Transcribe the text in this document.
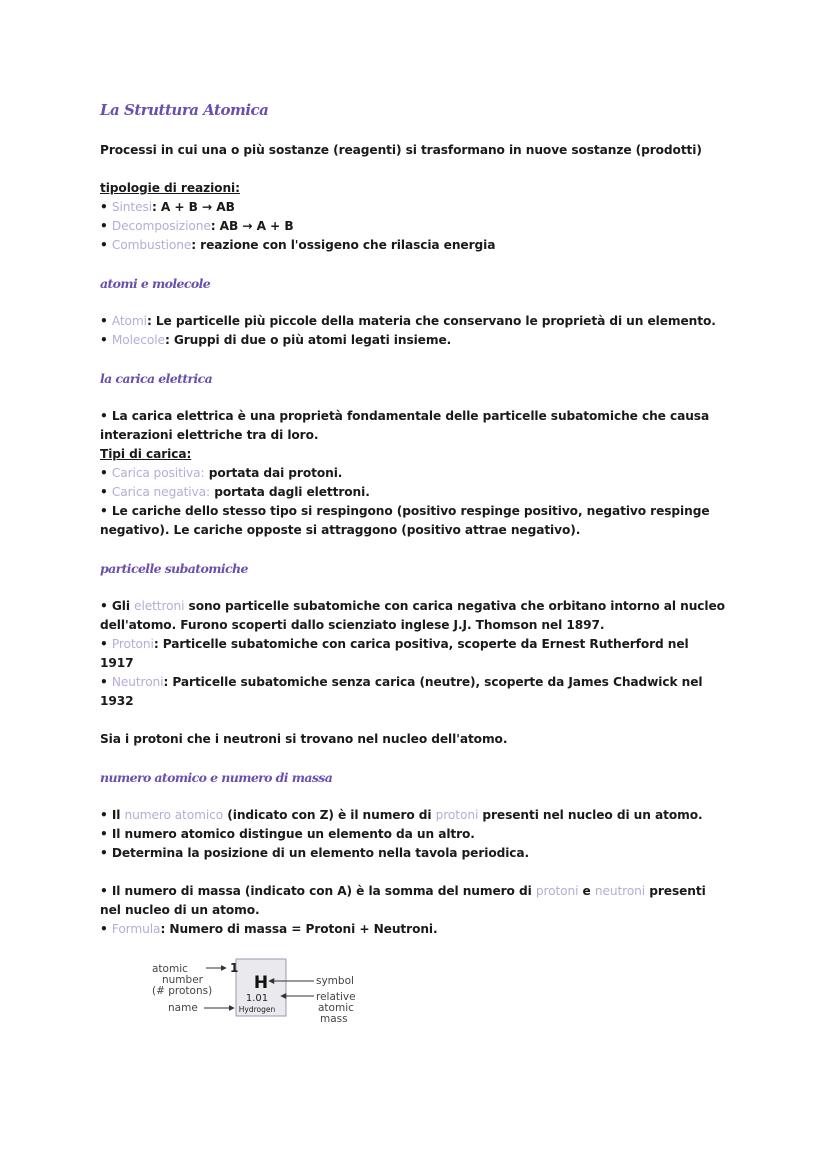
La Struttura Atomica

Processi in cui una o più sostanze (reagenti) si trasformano in nuove sostanze (prodotti)

tipologie di reazioni:

• Sintesi: A + B → AB

• Decomposizione: AB → A + B

• Combustione: reazione con l'ossigeno che rilascia energia

atomi e molecole

• Atomi: Le particelle più piccole della materia che conservano le proprietà di un elemento.

• Molecole: Gruppi di due o più atomi legati insieme.

la carica elettrica

• La carica elettrica è una proprietà fondamentale delle particelle subatomiche che causa interazioni elettriche tra di loro.

Tipi di carica:

• Carica positiva: portata dai protoni.

• Carica negativa: portata dagli elettroni.

• Le cariche dello stesso tipo si respingono (positivo respinge positivo, negativo respinge negativo). Le cariche opposte si attraggono (positivo attrae negativo).

particelle subatomiche

• Gli elettroni sono particelle subatomiche con carica negativa che orbitano intorno al nucleo dell'atomo. Furono scoperti dallo scienziato inglese J.J. Thomson nel 1897.

• Protoni: Particelle subatomiche con carica positiva, scoperte da Ernest Rutherford nel 1917

• Neutroni: Particelle subatomiche senza carica (neutre), scoperte da James Chadwick nel 1932

Sia i protoni che i neutroni si trovano nel nucleo dell'atomo.

numero atomico e numero di massa

• Il numero atomico (indicato con Z) è il numero di protoni presenti nel nucleo di un atomo.

• Il numero atomico distingue un elemento da un altro.

• Determina la posizione di un elemento nella tavola periodica.

• Il numero di massa (indicato con A) è la somma del numero di protoni e neutroni presenti nel nucleo di un atomo.

• Formula: Numero di massa = Protoni + Neutroni.

atomic
number
(# protons)
name
1
H
1.01
Hydrogen
symbol
relative
atomic
mass
